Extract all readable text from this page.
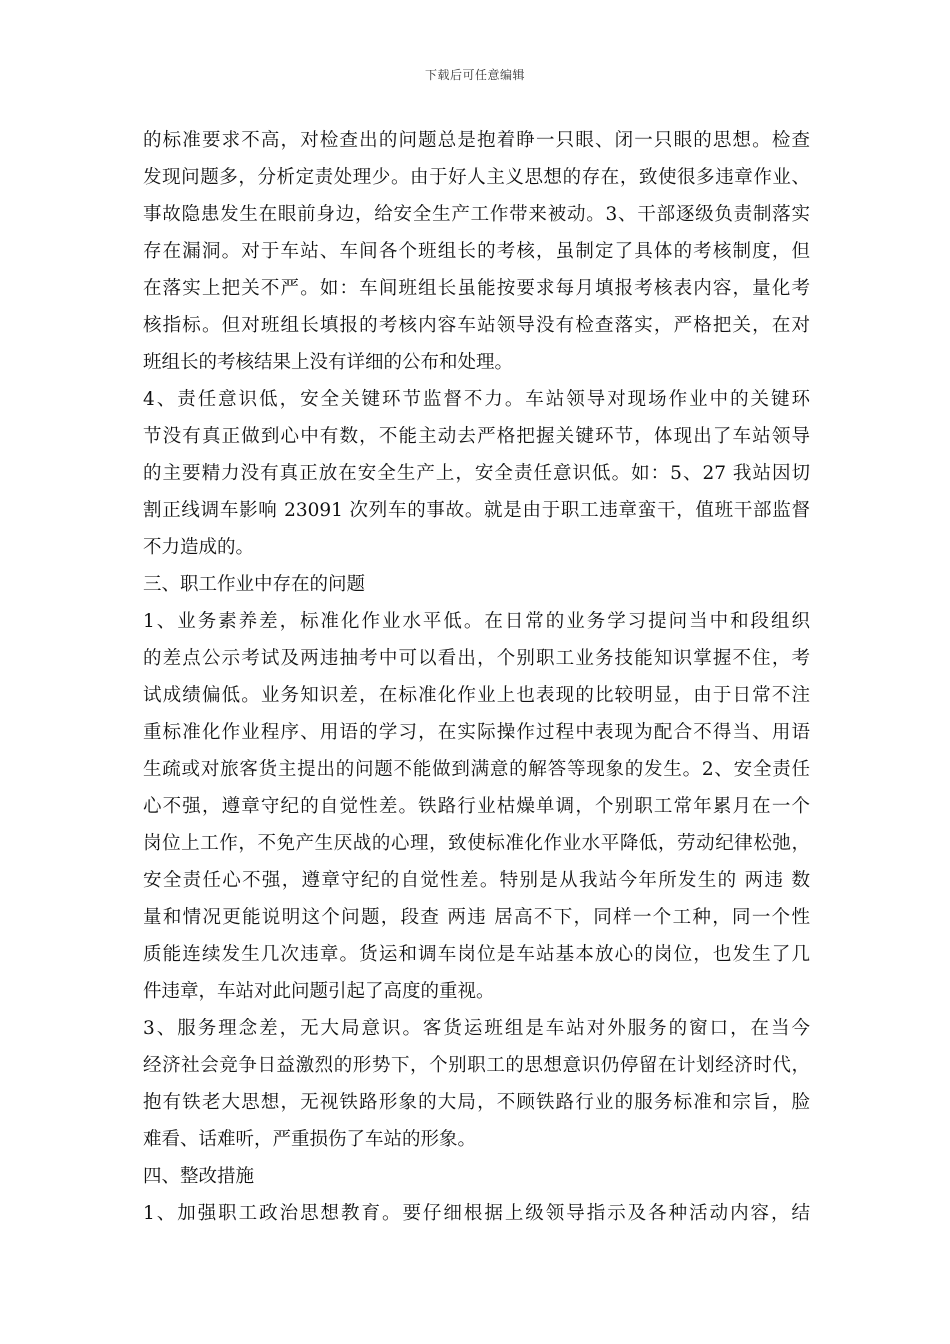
下载后可任意编辑
的标准要求不高，对检查出的问题总是抱着睁一只眼、闭一只眼的思想。检查
发现问题多，分析定责处理少。由于好人主义思想的存在，致使很多违章作业、
事故隐患发生在眼前身边，给安全生产工作带来被动。3、干部逐级负责制落实
存在漏洞。对于车站、车间各个班组长的考核，虽制定了具体的考核制度，但
在落实上把关不严。如：车间班组长虽能按要求每月填报考核表内容，量化考
核指标。但对班组长填报的考核内容车站领导没有检查落实，严格把关，在对
班组长的考核结果上没有详细的公布和处理。
4、责任意识低，安全关键环节监督不力。车站领导对现场作业中的关键环
节没有真正做到心中有数，不能主动去严格把握关键环节，体现出了车站领导
的主要精力没有真正放在安全生产上，安全责任意识低。如：5、27 我站因切
割正线调车影响 23091 次列车的事故。就是由于职工违章蛮干，值班干部监督
不力造成的。
三、职工作业中存在的问题
1、业务素养差，标准化作业水平低。在日常的业务学习提问当中和段组织
的差点公示考试及两违抽考中可以看出，个别职工业务技能知识掌握不住，考
试成绩偏低。业务知识差，在标准化作业上也表现的比较明显，由于日常不注
重标准化作业程序、用语的学习，在实际操作过程中表现为配合不得当、用语
生疏或对旅客货主提出的问题不能做到满意的解答等现象的发生。2、安全责任
心不强，遵章守纪的自觉性差。铁路行业枯燥单调，个别职工常年累月在一个
岗位上工作，不免产生厌战的心理，致使标准化作业水平降低，劳动纪律松弛，
安全责任心不强，遵章守纪的自觉性差。特别是从我站今年所发生的 两违 数
量和情况更能说明这个问题，段查 两违 居高不下，同样一个工种，同一个性
质能连续发生几次违章。货运和调车岗位是车站基本放心的岗位，也发生了几
件违章，车站对此问题引起了高度的重视。
3、服务理念差，无大局意识。客货运班组是车站对外服务的窗口，在当今
经济社会竞争日益激烈的形势下，个别职工的思想意识仍停留在计划经济时代，
抱有铁老大思想，无视铁路形象的大局，不顾铁路行业的服务标准和宗旨，脸
难看、话难听，严重损伤了车站的形象。
四、整改措施
1、加强职工政治思想教育。要仔细根据上级领导指示及各种活动内容，结
